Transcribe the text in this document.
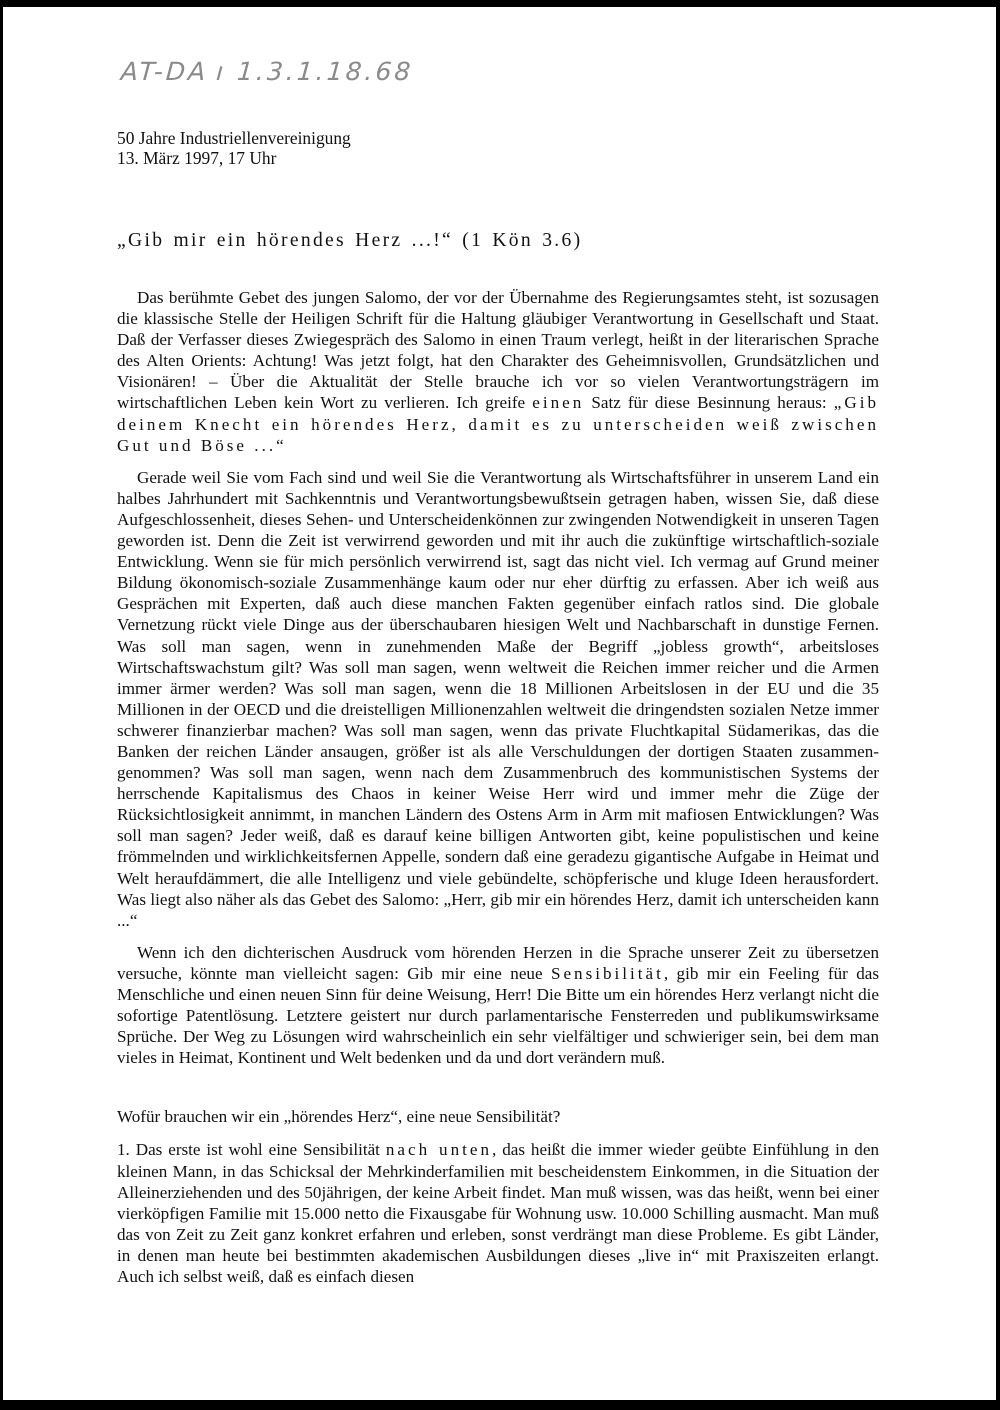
AT-DA ı 1.3.1.18.68
50 Jahre Industriellenvereinigung
13. März 1997, 17 Uhr
„Gib mir ein hörendes Herz ...!“ (1 Kön 3.6)

Das berühmte Gebet des jungen Salomo, der vor der Übernahme des Regierungsamtes steht, ist sozusagen die klassische Stelle der Heiligen Schrift für die Haltung gläubiger Verantwortung in Gesellschaft und Staat. Daß der Verfasser dieses Zwiegespräch des Salomo in einen Traum verlegt, heißt in der literarischen Sprache des Alten Orients: Achtung! Was jetzt folgt, hat den Charakter des Geheimnisvollen, Grundsätzlichen und Visionären! – Über die Aktualität der Stelle brauche ich vor so vielen Verantwortungsträgern im wirtschaftlichen Leben kein Wort zu verlieren. Ich greife einen Satz für diese Besinnung heraus: „Gib deinem Knecht ein hörendes Herz, damit es zu unterscheiden weiß zwischen Gut und Böse ...“

Gerade weil Sie vom Fach sind und weil Sie die Verantwortung als Wirtschaftsführer in unserem Land ein halbes Jahrhundert mit Sachkenntnis und Verantwortungsbewußtsein getragen haben, wissen Sie, daß diese Aufgeschlossenheit, dieses Sehen- und Unterscheidenkönnen zur zwingenden Notwendigkeit in unseren Tagen geworden ist. Denn die Zeit ist verwirrend geworden und mit ihr auch die zukünftige wirtschaftlich-soziale Entwicklung. Wenn sie für mich persönlich verwirrend ist, sagt das nicht viel. Ich vermag auf Grund meiner Bildung ökonomisch-soziale Zusammenhänge kaum oder nur eher dürftig zu erfassen. Aber ich weiß aus Gesprächen mit Experten, daß auch diese manchen Fakten gegenüber einfach ratlos sind. Die globale Vernetzung rückt viele Dinge aus der überschaubaren hiesigen Welt und Nachbarschaft in dunstige Fernen. Was soll man sagen, wenn in zunehmenden Maße der Begriff „jobless growth“, arbeitsloses Wirtschaftswachstum gilt? Was soll man sagen, wenn weltweit die Reichen immer reicher und die Armen immer ärmer werden? Was soll man sagen, wenn die 18 Millionen Arbeitslosen in der EU und die 35 Millionen in der OECD und die dreistelligen Millionenzahlen weltweit die dringendsten sozialen Netze immer schwerer finanzierbar machen? Was soll man sagen, wenn das private Fluchtkapital Südamerikas, das die Banken der reichen Länder ansaugen, größer ist als alle Verschuldungen der dortigen Staaten zusammen-genommen? Was soll man sagen, wenn nach dem Zusammenbruch des kommunistischen Systems der herrschende Kapitalismus des Chaos in keiner Weise Herr wird und immer mehr die Züge der Rücksichtlosigkeit annimmt, in manchen Ländern des Ostens Arm in Arm mit mafiosen Entwicklungen? Was soll man sagen? Jeder weiß, daß es darauf keine billigen Antworten gibt, keine populistischen und keine frömmelnden und wirklichkeitsfernen Appelle, sondern daß eine geradezu gigantische Aufgabe in Heimat und Welt heraufdämmert, die alle Intelligenz und viele gebündelte, schöpferische und kluge Ideen herausfordert. Was liegt also näher als das Gebet des Salomo: „Herr, gib mir ein hörendes Herz, damit ich unterscheiden kann ...“

Wenn ich den dichterischen Ausdruck vom hörenden Herzen in die Sprache unserer Zeit zu übersetzen versuche, könnte man vielleicht sagen: Gib mir eine neue Sensibilität, gib mir ein Feeling für das Menschliche und einen neuen Sinn für deine Weisung, Herr! Die Bitte um ein hörendes Herz verlangt nicht die sofortige Patentlösung. Letztere geistert nur durch parlamentarische Fensterreden und publikumswirksame Sprüche. Der Weg zu Lösungen wird wahrscheinlich ein sehr vielfältiger und schwieriger sein, bei dem man vieles in Heimat, Kontinent und Welt bedenken und da und dort verändern muß.

Wofür brauchen wir ein „hörendes Herz“, eine neue Sensibilität?

1. Das erste ist wohl eine Sensibilität nach unten, das heißt die immer wieder geübte Einfühlung in den kleinen Mann, in das Schicksal der Mehrkinderfamilien mit bescheidenstem Einkommen, in die Situation der Alleinerziehenden und des 50jährigen, der keine Arbeit findet. Man muß wissen, was das heißt, wenn bei einer vierköpfigen Familie mit 15.000 netto die Fixausgabe für Wohnung usw. 10.000 Schilling ausmacht. Man muß das von Zeit zu Zeit ganz konkret erfahren und erleben, sonst verdrängt man diese Probleme. Es gibt Länder, in denen man heute bei bestimmten akademischen Ausbildungen dieses „live in“ mit Praxiszeiten erlangt. Auch ich selbst weiß, daß es einfach diesen
